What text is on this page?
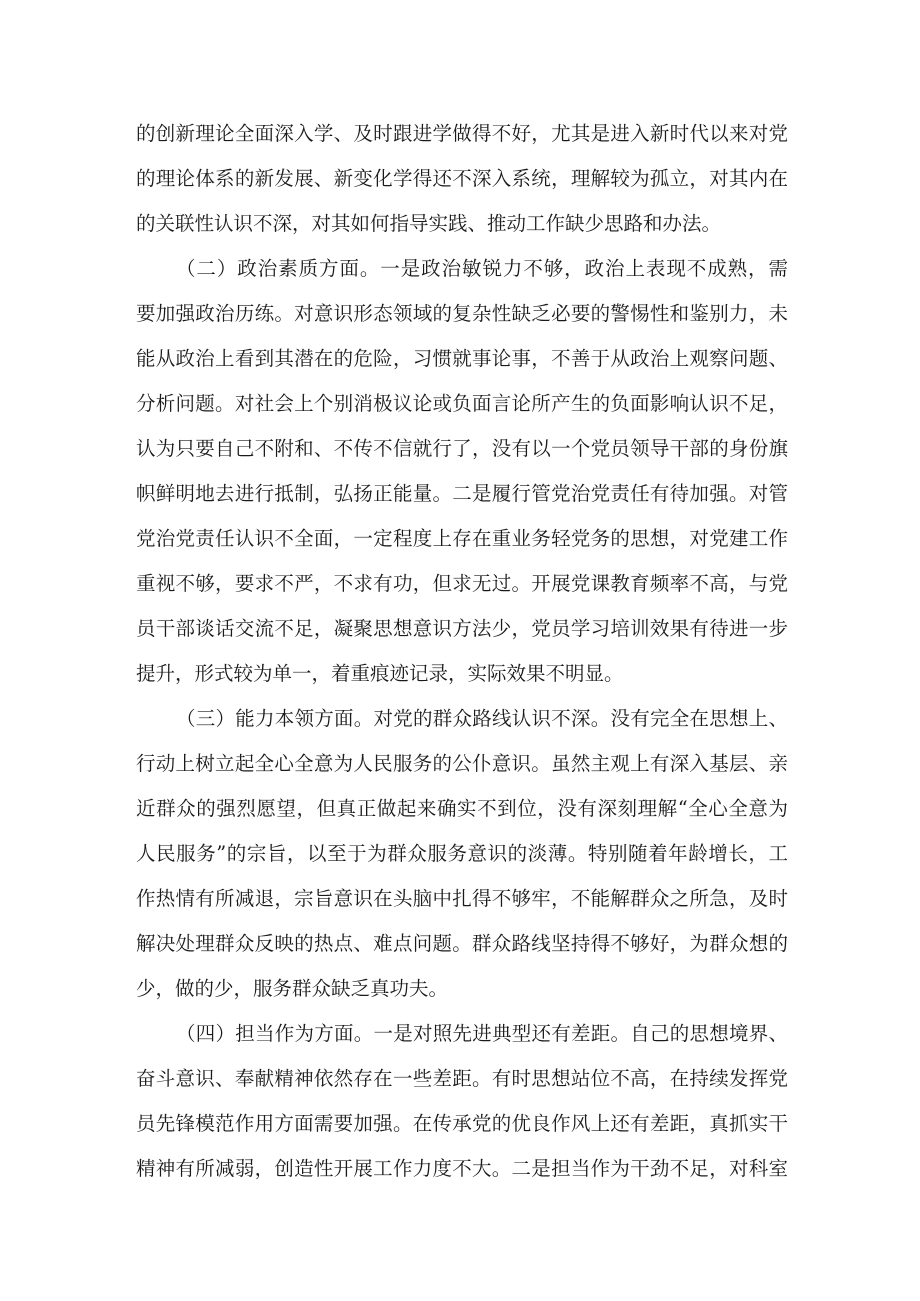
的创新理论全面深入学、及时跟进学做得不好，尤其是进入新时代以来对党
的理论体系的新发展、新变化学得还不深入系统，理解较为孤立，对其内在
的关联性认识不深，对其如何指导实践、推动工作缺少思路和办法。
（二）政治素质方面。一是政治敏锐力不够，政治上表现不成熟，需
要加强政治历练。对意识形态领域的复杂性缺乏必要的警惕性和鉴别力，未
能从政治上看到其潜在的危险，习惯就事论事，不善于从政治上观察问题、
分析问题。对社会上个别消极议论或负面言论所产生的负面影响认识不足，
认为只要自己不附和、不传不信就行了，没有以一个党员领导干部的身份旗
帜鲜明地去进行抵制，弘扬正能量。二是履行管党治党责任有待加强。对管
党治党责任认识不全面，一定程度上存在重业务轻党务的思想，对党建工作
重视不够，要求不严，不求有功，但求无过。开展党课教育频率不高，与党
员干部谈话交流不足，凝聚思想意识方法少，党员学习培训效果有待进一步
提升，形式较为单一，着重痕迹记录，实际效果不明显。
（三）能力本领方面。对党的群众路线认识不深。没有完全在思想上、
行动上树立起全心全意为人民服务的公仆意识。虽然主观上有深入基层、亲
近群众的强烈愿望，但真正做起来确实不到位，没有深刻理解“全心全意为
人民服务”的宗旨，以至于为群众服务意识的淡薄。特别随着年龄增长，工
作热情有所减退，宗旨意识在头脑中扎得不够牢，不能解群众之所急，及时
解决处理群众反映的热点、难点问题。群众路线坚持得不够好，为群众想的
少，做的少，服务群众缺乏真功夫。
（四）担当作为方面。一是对照先进典型还有差距。自己的思想境界、
奋斗意识、奉献精神依然存在一些差距。有时思想站位不高，在持续发挥党
员先锋模范作用方面需要加强。在传承党的优良作风上还有差距，真抓实干
精神有所减弱，创造性开展工作力度不大。二是担当作为干劲不足，对科室
